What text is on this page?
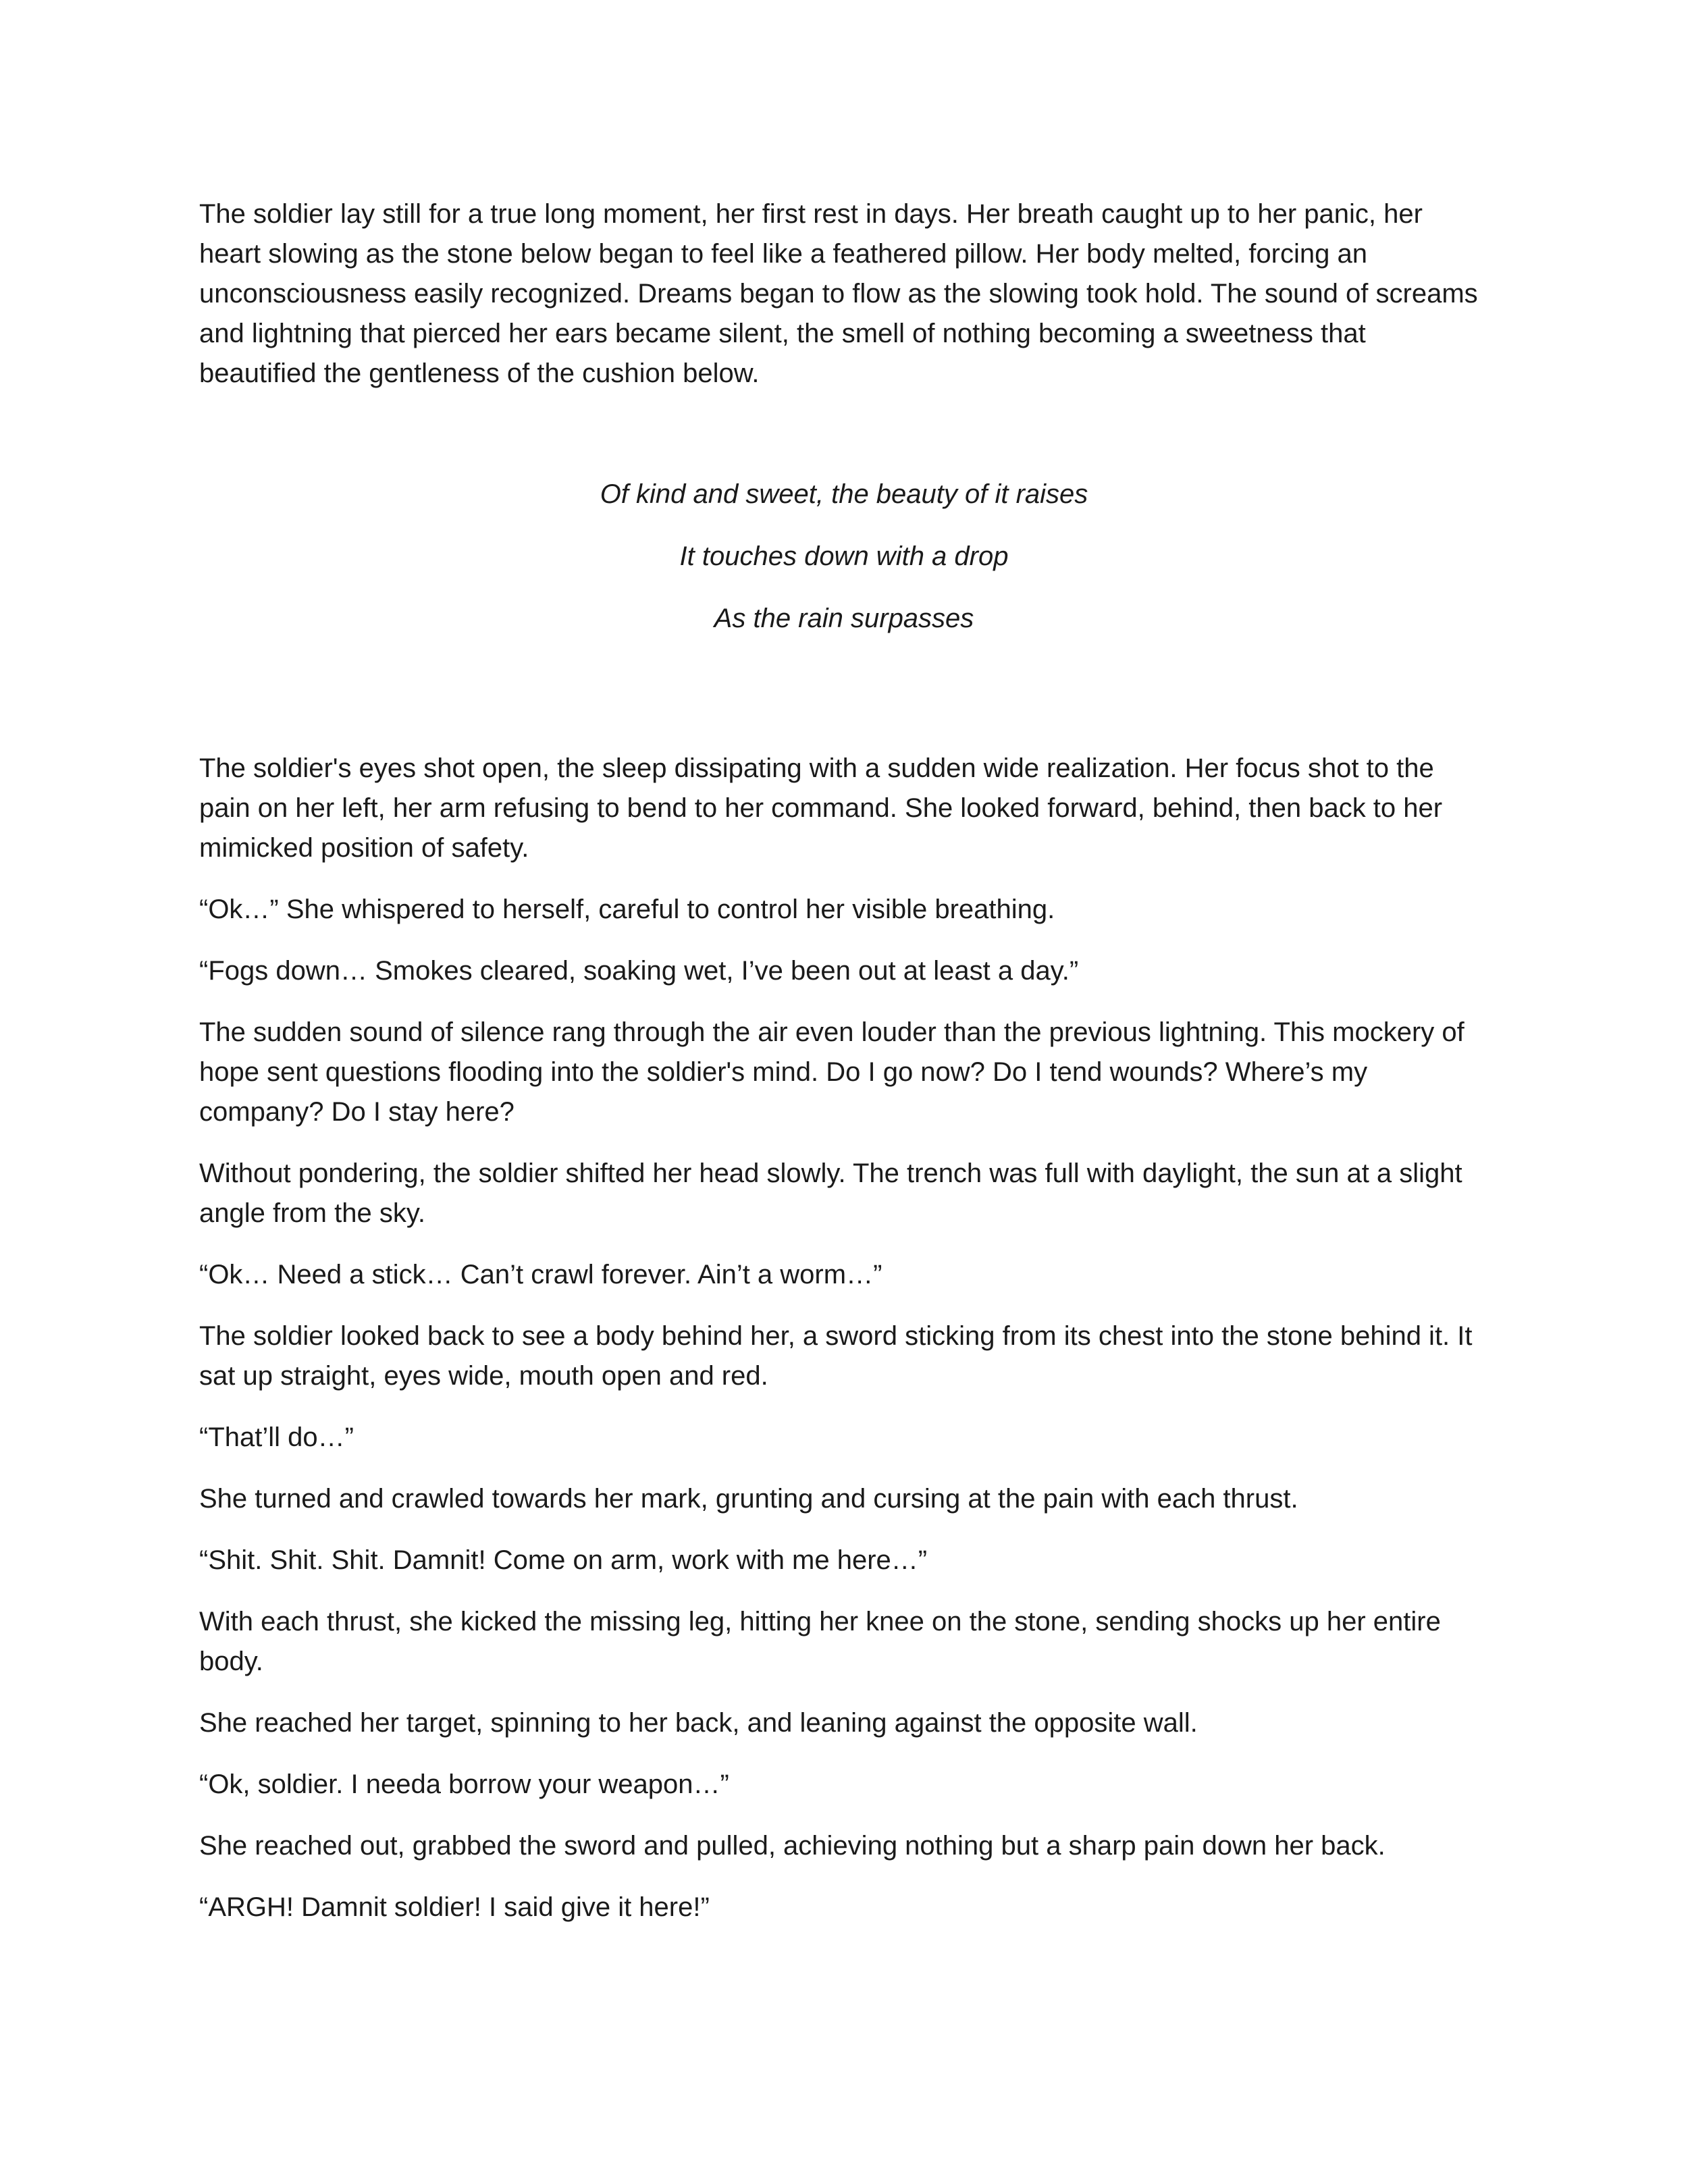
The soldier lay still for a true long moment, her first rest in days. Her breath caught up to her panic, her heart slowing as the stone below began to feel like a feathered pillow. Her body melted, forcing an unconsciousness easily recognized. Dreams began to flow as the slowing took hold. The sound of screams and lightning that pierced her ears became silent, the smell of nothing becoming a sweetness that beautified the gentleness of the cushion below.

Of kind and sweet, the beauty of it raises

It touches down with a drop

As the rain surpasses

The soldier's eyes shot open, the sleep dissipating with a sudden wide realization. Her focus shot to the pain on her left, her arm refusing to bend to her command. She looked forward, behind, then back to her mimicked position of safety.

“Ok…” She whispered to herself, careful to control her visible breathing.

“Fogs down… Smokes cleared, soaking wet, I’ve been out at least a day.”

The sudden sound of silence rang through the air even louder than the previous lightning. This mockery of hope sent questions flooding into the soldier's mind. Do I go now? Do I tend wounds? Where’s my company? Do I stay here?

Without pondering, the soldier shifted her head slowly. The trench was full with daylight, the sun at a slight angle from the sky.

“Ok… Need a stick… Can’t crawl forever. Ain’t a worm…”

The soldier looked back to see a body behind her, a sword sticking from its chest into the stone behind it. It sat up straight, eyes wide, mouth open and red.

“That’ll do…”

She turned and crawled towards her mark, grunting and cursing at the pain with each thrust.

“Shit. Shit. Shit. Damnit! Come on arm, work with me here…”

With each thrust, she kicked the missing leg, hitting her knee on the stone, sending shocks up her entire body.

She reached her target, spinning to her back, and leaning against the opposite wall.

“Ok, soldier. I needa borrow your weapon…”

She reached out, grabbed the sword and pulled, achieving nothing but a sharp pain down her back.

“ARGH! Damnit soldier! I said give it here!”
